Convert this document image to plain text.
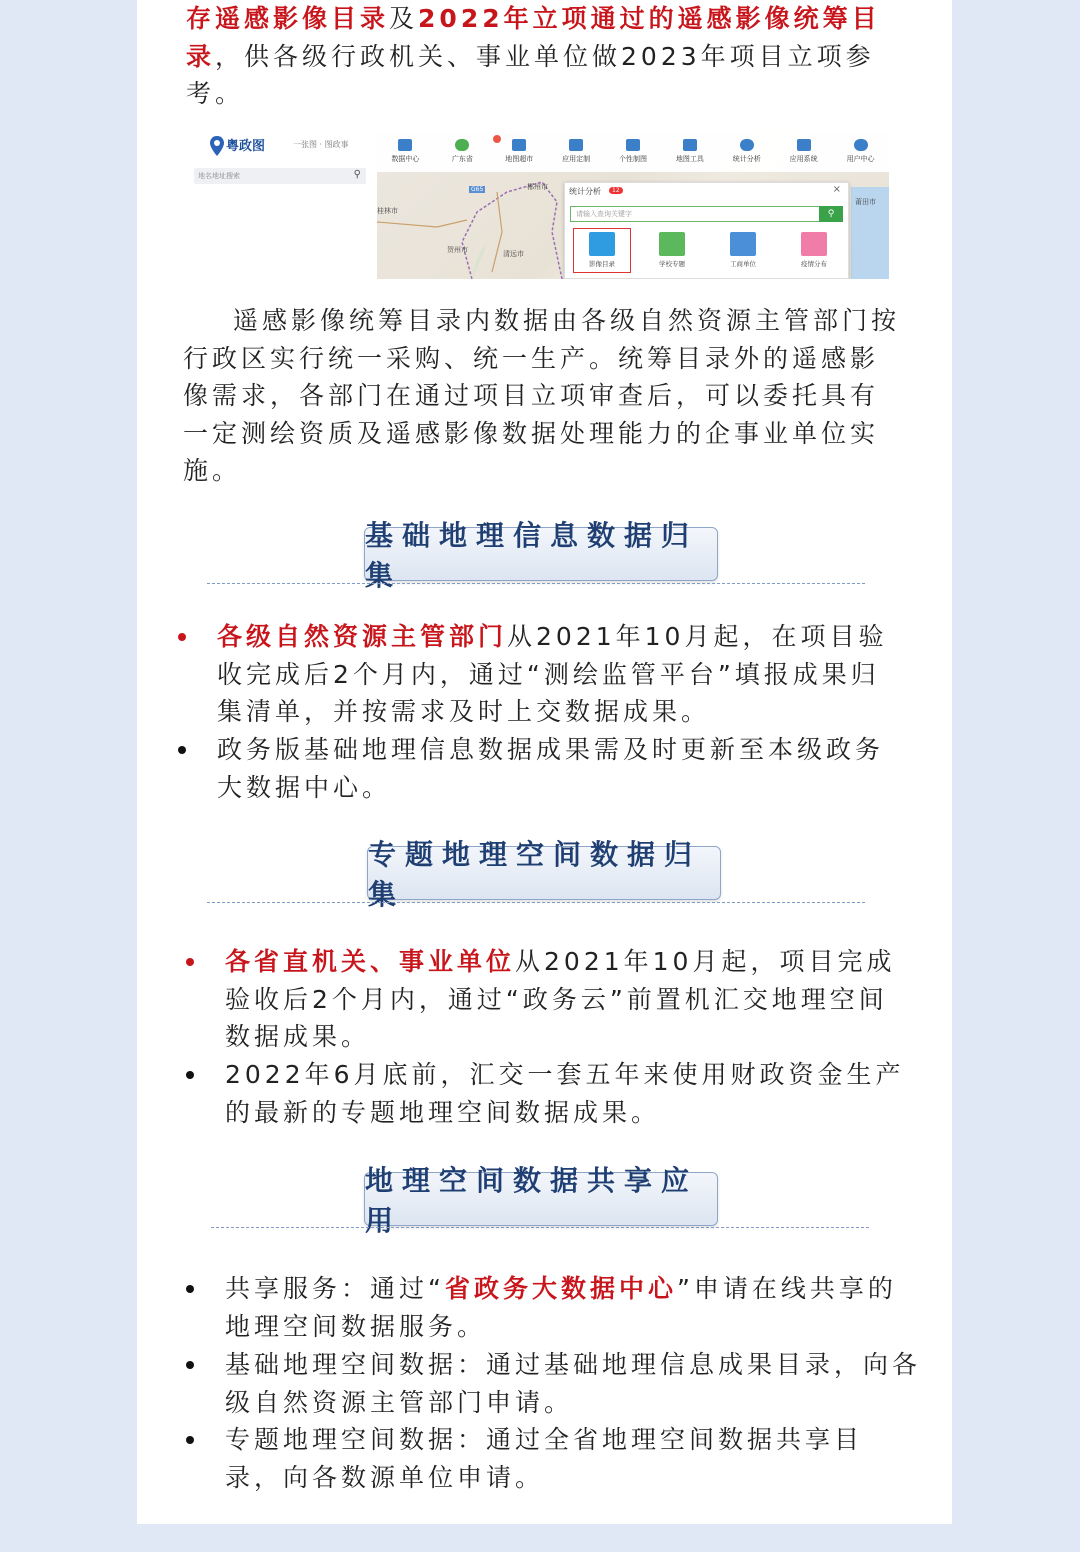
存遥感影像目录及2022年立项通过的遥感影像统筹目录，供各级行政机关、事业单位做2023年项目立项参考。
粤政图	一张图 · 图政事
地名地址搜索	⚲
郴州市
桂林市
贺州市	清远市
莆田市
G65
数据中心	广东省	地图超市	应用定制	个性制图	地图工具	统计分析	应用系统	用户中心
统计分析	12	×
请输入查询关键字	⚲
影像目录	学校专题	工商单位	疫情分布
遥感影像统筹目录内数据由各级自然资源主管部门按行政区实行统一采购、统一生产。统筹目录外的遥感影像需求，各部门在通过项目立项审查后，可以委托具有一定测绘资质及遥感影像数据处理能力的企事业单位实施。
基础地理信息数据归集
各级自然资源主管部门从2021年10月起，在项目验收完成后2个月内，通过“测绘监管平台”填报成果归集清单，并按需求及时上交数据成果。
政务版基础地理信息数据成果需及时更新至本级政务大数据中心。
专题地理空间数据归集
各省直机关、事业单位从2021年10月起，项目完成验收后2个月内，通过“政务云”前置机汇交地理空间数据成果。
2022年6月底前，汇交一套五年来使用财政资金生产的最新的专题地理空间数据成果。
地理空间数据共享应用
共享服务：通过“省政务大数据中心”申请在线共享的地理空间数据服务。
基础地理空间数据：通过基础地理信息成果目录，向各级自然资源主管部门申请。
专题地理空间数据：通过全省地理空间数据共享目录，向各数源单位申请。
